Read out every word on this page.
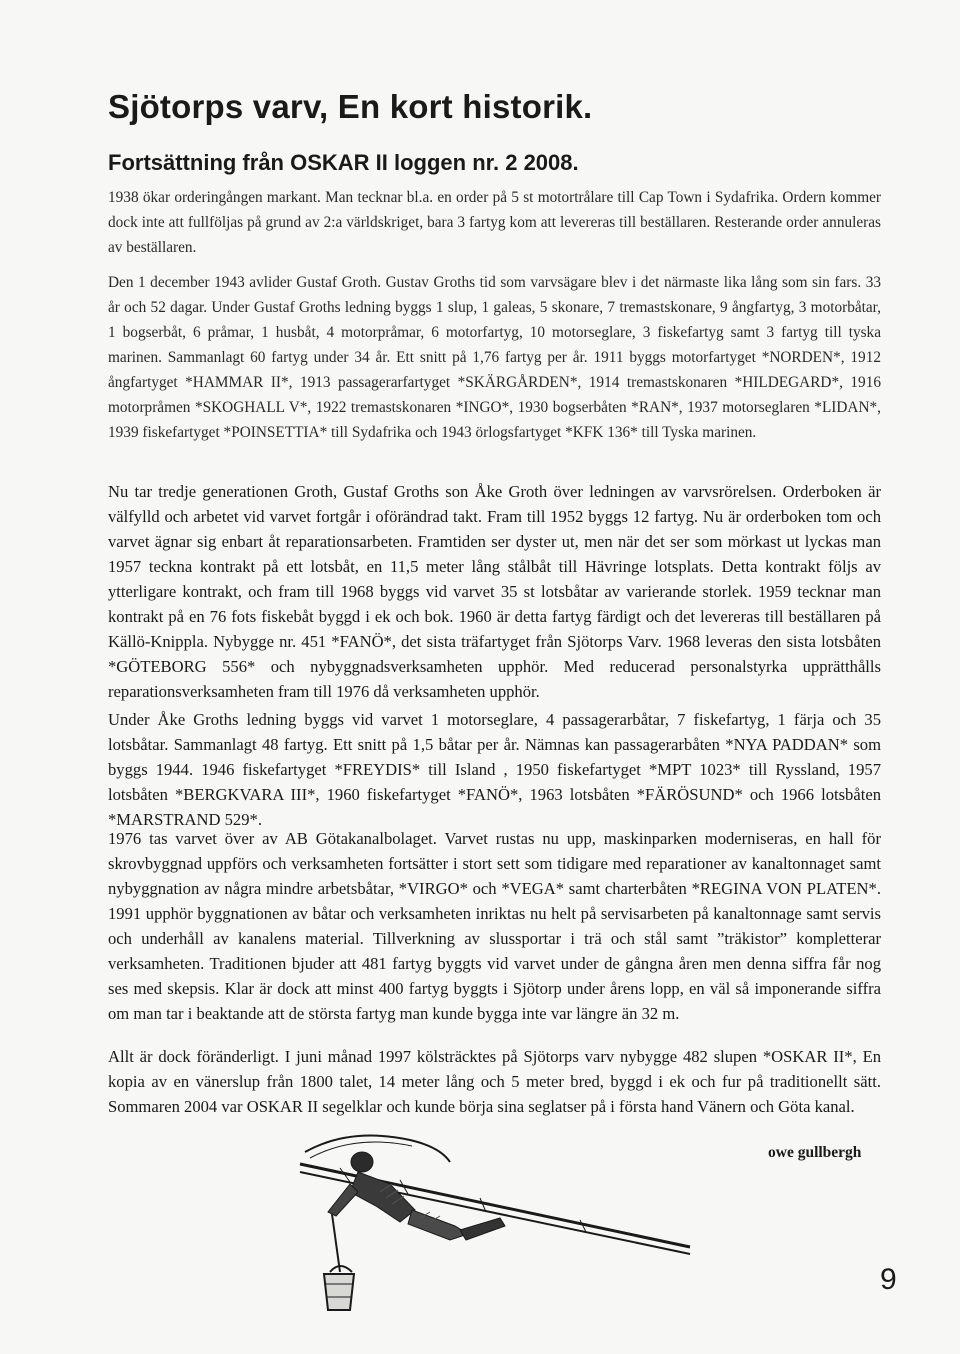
Sjötorps varv, En kort historik.
Fortsättning från OSKAR II loggen nr. 2 2008.

1938 ökar orderingången markant. Man tecknar bl.a. en order på 5 st motortrålare till Cap Town i Sydafrika. Ordern kommer dock inte att fullföljas på grund av 2:a världskriget, bara 3 fartyg kom att levereras till beställaren. Resterande order annuleras av beställaren.

Den 1 december 1943 avlider Gustaf Groth. Gustav Groths tid som varvsägare blev i det närmaste lika lång som sin fars. 33 år och 52 dagar. Under Gustaf Groths ledning byggs 1 slup, 1 galeas, 5 skonare, 7 tremastskonare, 9 ångfartyg, 3 motorbåtar, 1 bogserbåt, 6 pråmar, 1 husbåt, 4 motorpråmar, 6 motorfartyg, 10 motorseglare, 3 fiskefartyg samt 3 fartyg till tyska marinen. Sammanlagt 60 fartyg under 34 år. Ett snitt på 1,76 fartyg per år. 1911 byggs motorfartyget *NORDEN*, 1912 ångfartyget *HAMMAR II*, 1913 passagerarfartyget *SKÄRGÅRDEN*, 1914 tremastskonaren *HILDEGARD*, 1916 motorpråmen *SKOGHALL V*, 1922 tremastskonaren *INGO*, 1930 bogserbåten *RAN*, 1937 motorseglaren *LIDAN*, 1939 fiskefartyget *POINSETTIA* till Sydafrika och 1943 örlogsfartyget *KFK 136* till Tyska marinen.

Nu tar tredje generationen Groth, Gustaf Groths son Åke Groth över ledningen av varvsrörelsen. Orderboken är välfylld och arbetet vid varvet fortgår i oförändrad takt. Fram till 1952 byggs 12 fartyg. Nu är orderboken tom och varvet ägnar sig enbart åt reparationsarbeten. Framtiden ser dyster ut, men när det ser som mörkast ut lyckas man 1957 teckna kontrakt på ett lotsbåt, en 11,5 meter lång stålbåt till Hävringe lotsplats. Detta kontrakt följs av ytterligare kontrakt, och fram till 1968 byggs vid varvet 35 st lotsbåtar av varierande storlek. 1959 tecknar man kontrakt på en 76 fots fiskebåt byggd i ek och bok. 1960 är detta fartyg färdigt och det levereras till beställaren på Källö-Knippla. Nybygge nr. 451 *FANÖ*, det sista träfartyget från Sjötorps Varv. 1968 leveras den sista lotsbåten *GÖTEBORG 556* och nybyggnadsverksamheten upphör. Med reducerad personalstyrka upprätthålls reparationsverksamheten fram till 1976 då verksamheten upphör.

Under Åke Groths ledning byggs vid varvet 1 motorseglare, 4 passagerarbåtar, 7 fiskefartyg, 1 färja och 35 lotsbåtar. Sammanlagt 48 fartyg. Ett snitt på 1,5 båtar per år. Nämnas kan passagerarbåten *NYA PADDAN* som byggs 1944. 1946 fiskefartyget *FREYDIS* till Island , 1950 fiskefartyget *MPT 1023* till Ryssland, 1957 lotsbåten *BERGKVARA III*, 1960 fiskefartyget *FANÖ*, 1963 lotsbåten *FÄRÖSUND* och 1966 lotsbåten *MARSTRAND 529*.

1976 tas varvet över av AB Götakanalbolaget. Varvet rustas nu upp, maskinparken moderniseras, en hall för skrovbyggnad uppförs och verksamheten fortsätter i stort sett som tidigare med reparationer av kanaltonnaget samt nybyggnation av några mindre arbetsbåtar, *VIRGO* och *VEGA* samt charterbåten *REGINA VON PLATEN*. 1991 upphör byggnationen av båtar och verksamheten inriktas nu helt på servisarbeten på kanaltonnage samt servis och underhåll av kanalens material. Tillverkning av slussportar i trä och stål samt ”träkistor” kompletterar verksamheten. Traditionen bjuder att 481 fartyg byggts vid varvet under de gångna åren men denna siffra får nog ses med skepsis. Klar är dock att minst 400 fartyg byggts i Sjötorp under årens lopp, en väl så imponerande siffra om man tar i beaktande att de största fartyg man kunde bygga inte var längre än 32 m.

Allt är dock föränderligt. I juni månad 1997 kölsträcktes på Sjötorps varv nybygge 482 slupen *OSKAR II*, En kopia av en vänerslup från 1800 talet, 14 meter lång och 5 meter bred, byggd i ek och fur på traditionellt sätt. Sommaren 2004 var OSKAR II segelklar och kunde börja sina seglatser på i första hand Vänern och Göta kanal.

owe gullbergh

9
